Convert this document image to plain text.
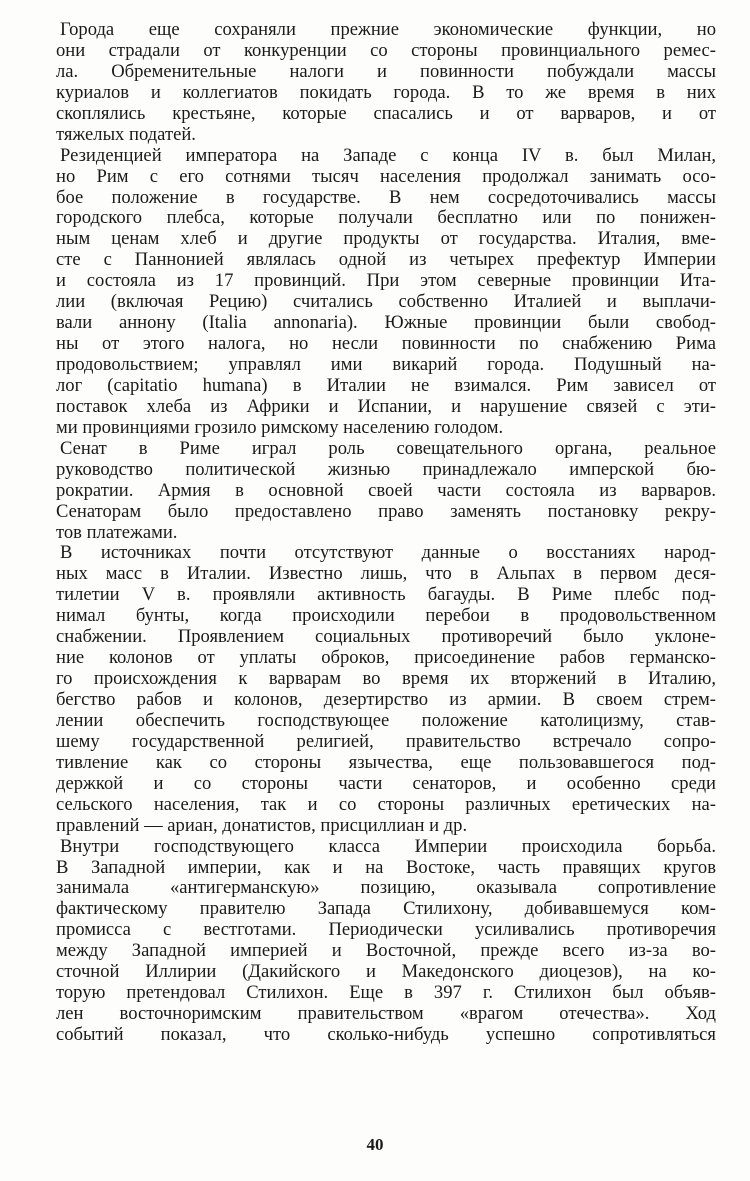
Города еще сохраняли прежние экономические функции, но
они страдали от конкуренции со стороны провинциального ремес-
ла. Обременительные налоги и повинности побуждали массы
куриалов и коллегиатов покидать города. В то же время в них
скоплялись крестьяне, которые спасались и от варваров, и от
тяжелых податей.
Резиденцией императора на Западе с конца IV в. был Милан,
но Рим с его сотнями тысяч населения продолжал занимать осо-
бое положение в государстве. В нем сосредоточивались массы
городского плебса, которые получали бесплатно или по понижен-
ным ценам хлеб и другие продукты от государства. Италия, вме-
сте с Паннонией являлась одной из четырех префектур Империи
и состояла из 17 провинций. При этом северные провинции Ита-
лии (включая Рецию) считались собственно Италией и выплачи-
вали аннону (Italia annonaria). Южные провинции были свобод-
ны от этого налога, но несли повинности по снабжению Рима
продовольствием; управлял ими викарий города. Подушный на-
лог (capitatio humana) в Италии не взимался. Рим зависел от
поставок хлеба из Африки и Испании, и нарушение связей с эти-
ми провинциями грозило римскому населению голодом.
Сенат в Риме играл роль совещательного органа, реальное
руководство политической жизнью принадлежало имперской бю-
рократии. Армия в основной своей части состояла из варваров.
Сенаторам было предоставлено право заменять постановку рекру-
тов платежами.
В источниках почти отсутствуют данные о восстаниях народ-
ных масс в Италии. Известно лишь, что в Альпах в первом деся-
тилетии V в. проявляли активность багауды. В Риме плебс под-
нимал бунты, когда происходили перебои в продовольственном
снабжении. Проявлением социальных противоречий было уклоне-
ние колонов от уплаты оброков, присоединение рабов германско-
го происхождения к варварам во время их вторжений в Италию,
бегство рабов и колонов, дезертирство из армии. В своем стрем-
лении обеспечить господствующее положение католицизму, став-
шему государственной религией, правительство встречало сопро-
тивление как со стороны язычества, еще пользовавшегося под-
держкой и со стороны части сенаторов, и особенно среди
сельского населения, так и со стороны различных еретических на-
правлений — ариан, донатистов, присциллиан и др.
Внутри господствующего класса Империи происходила борьба.
В Западной империи, как и на Востоке, часть правящих кругов
занимала «антигерманскую» позицию, оказывала сопротивление
фактическому правителю Запада Стилихону, добивавшемуся ком-
промисса с вестготами. Периодически усиливались противоречия
между Западной империей и Восточной, прежде всего из-за во-
сточной Иллирии (Дакийского и Македонского диоцезов), на ко-
торую претендовал Стилихон. Еще в 397 г. Стилихон был объяв-
лен восточноримским правительством «врагом отечества». Ход
событий показал, что сколько-нибудь успешно сопротивляться
40
